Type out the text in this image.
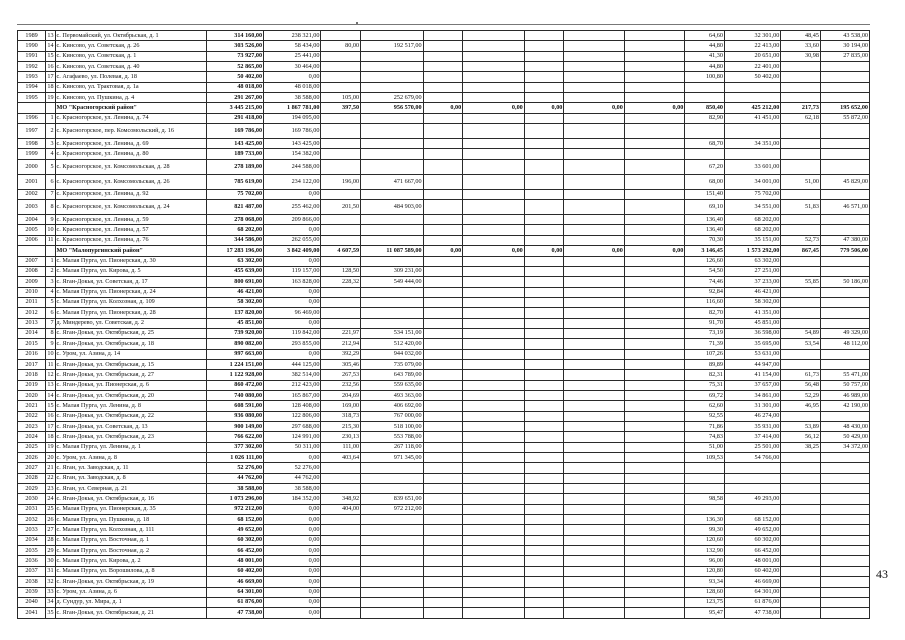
1989	13	с. Первомайский, ул. Октябрьская, д. 1	314 160,00	238 321,00								64,60	32 301,00	48,45	43 538,00
1990	14	с. Кинсово, ул. Советская, д. 26	303 526,00	58 434,00	80,00	192 517,00						44,80	22 413,00	33,60	30 194,00
1991	15	с. Кинсово, ул. Советская, д. 1	73 927,00	25 441,00								41,30	20 651,00	30,98	27 835,00
1992	16	с. Кинсово, ул. Советская, д. 40	52 865,00	30 464,00								44,80	22 401,00		
1993	17	с. Агафаево, ул. Полевая, д. 18	50 402,00	0,00								100,80	50 402,00		
1994	18	с. Кинсово, ул. Трактовая, д. 1а	48 018,00	48 018,00											
1995	19	с. Кинсово, ул. Пушкина, д. 4	291 267,00	38 588,00	105,00	252 679,00									
		МО "Красногорский район"	3 445 215,00	1 867 781,00	397,50	956 570,00	0,00	0,00	0,00	0,00	0,00	850,40	425 212,00	217,73	195 652,00
1996	1	с. Красногорское, ул. Ленина, д. 74	291 418,00	194 095,00								82,90	41 451,00	62,18	55 872,00
1997	2	с. Красногорское, пер. Комсомольский, д. 16	169 786,00	169 786,00											
1998	3	с. Красногорское, ул. Ленина, д. 69	143 425,00	143 425,00								68,70	34 351,00		
1999	4	с. Красногорское, ул. Ленина, д. 80	189 733,00	154 382,00											
2000	5	с. Красногорское, ул. Комсомольская, д. 28	278 189,00	244 588,00								67,20	33 601,00		
2001	6	с. Красногорское, ул. Комсомольская, д. 26	785 619,00	234 122,00	196,00	471 667,00						68,00	34 001,00	51,00	45 829,00
2002	7	с. Красногорское, ул. Ленина, д. 92	75 702,00	0,00								151,40	75 702,00		
2003	8	с. Красногорское, ул. Комсомольская, д. 24	821 487,00	255 462,00	201,50	484 903,00						69,10	34 551,00	51,83	46 571,00
2004	9	с. Красногорское, ул. Ленина, д. 59	278 068,00	209 866,00								136,40	68 202,00		
2005	10	с. Красногорское, ул. Ленина, д. 57	68 202,00	0,00								136,40	68 202,00		
2006	11	с. Красногорское, ул. Ленина, д. 76	344 586,00	262 055,00								70,30	35 151,00	52,73	47 380,00
		МО "Малопургинский район"	17 283 196,00	3 842 409,00	4 607,59	11 087 589,00	0,00	0,00	0,00	0,00	0,00	3 146,45	1 573 292,00	867,45	779 506,00
2007	1	с. Малая Пурга, ул. Пионерская, д. 30	63 302,00	0,00								126,60	63 302,00		
2008	2	с. Малая Пурга, ул. Кирова, д. 5	455 639,00	119 157,00	128,50	309 231,00						54,50	27 251,00		
2009	3	с. Яган-Докья, ул. Советская, д. 17	800 691,00	163 828,00	228,32	549 444,00						74,46	37 233,00	55,85	50 186,00
2010	4	с. Малая Пурга, ул. Пионерская, д. 24	46 421,00	0,00								92,84	46 421,00		
2011	5	с. Малая Пурга, ул. Колхозная, д. 109	58 302,00	0,00								116,60	58 302,00		
2012	6	с. Малая Пурга, ул. Пионерская, д. 28	137 820,00	96 469,00								82,70	41 351,00		
2013	7	д. Миндерево, ул. Советская, д. 2	45 851,00	0,00								91,70	45 851,00		
2014	8	с. Яган-Докья, ул. Октябрьская, д. 25	739 920,00	119 842,00	221,97	534 151,00						73,19	36 598,00	54,89	49 329,00
2015	9	с. Яган-Докья, ул. Октябрьская, д. 18	890 082,00	293 855,00	212,94	512 420,00						71,39	35 695,00	53,54	48 112,00
2016	10	с. Уром, ул. Азина, д. 14	997 663,00	0,00	392,29	944 032,00						107,26	53 631,00		
2017	11	с. Яган-Докья, ул. Октябрьская, д. 15	1 224 151,00	444 125,00	305,46	735 079,00						89,89	44 947,00		
2018	12	с. Яган-Докья, ул. Октябрьская, д. 27	1 122 928,00	382 514,00	267,53	643 789,00						82,31	41 154,00	61,73	55 471,00
2019	13	с. Яган-Докья, ул. Пионерская, д. 6	860 472,00	212 423,00	232,56	559 635,00						75,31	37 657,00	56,48	50 757,00
2020	14	с. Яган-Докья, ул. Октябрьская, д. 20	740 080,00	165 867,00	204,69	493 363,00						69,72	34 861,00	52,29	46 989,00
2021	15	с. Малая Пурга, ул. Ленина, д. 8	608 591,00	128 408,00	169,00	406 692,00						62,60	31 301,00	46,95	42 190,00
2022	16	с. Яган-Докья, ул. Октябрьская, д. 22	936 080,00	122 806,00	318,73	767 000,00						92,55	46 274,00		
2023	17	с. Яган-Докья, ул. Советская, д. 13	900 149,00	297 688,00	215,30	518 100,00						71,86	35 931,00	53,89	48 430,00
2024	18	с. Яган-Докья, ул. Октябрьская, д. 23	766 622,00	124 991,00	230,13	553 788,00						74,83	37 414,00	56,12	50 429,00
2025	19	с. Малая Пурга, ул. Ленина, д. 1	377 302,00	50 311,00	111,00	267 118,00						51,00	25 501,00	38,25	34 372,00
2026	20	с. Уром, ул. Азина, д. 8	1 026 111,00	0,00	403,64	971 345,00						109,53	54 766,00		
2027	21	с. Яган, ул. Заводская, д. 11	52 276,00	52 276,00											
2028	22	с. Яган, ул. Заводская, д. 8	44 762,00	44 762,00											
2029	23	с. Яган, ул. Северная, д. 21	38 588,00	38 588,00											
2030	24	с. Яган-Докья, ул. Октябрьская, д. 16	1 073 296,00	184 352,00	348,92	839 651,00						98,58	49 293,00		
2031	25	с. Малая Пурга, ул. Пионерская, д. 35	972 212,00	0,00	404,00	972 212,00									
2032	26	с. Малая Пурга, ул. Пушкина, д. 18	68 152,00	0,00								136,30	68 152,00		
2033	27	с. Малая Пурга, ул. Колхозная, д. 111	49 652,00	0,00								99,30	49 652,00		
2034	28	с. Малая Пурга, ул. Восточная, д. 1	60 302,00	0,00								120,60	60 302,00		
2035	29	с. Малая Пурга, ул. Восточная, д. 2	66 452,00	0,00								132,90	66 452,00		
2036	30	с. Малая Пурга, ул. Кирова, д. 2	48 001,00	0,00								96,00	48 001,00		
2037	31	с. Малая Пурга, ул. Ворошилова, д. 8	60 402,00	0,00								120,80	60 402,00		
2038	32	с. Яган-Докья, ул. Октябрьская, д. 19	46 669,00	0,00								93,34	46 669,00		
2039	33	с. Уром, ул. Азина, д. 6	64 301,00	0,00								128,60	64 301,00		
2040	34	д. Сундур, ул. Мира, д. 1	61 876,00	0,00								123,75	61 876,00		
2041	35	с. Яган-Докья, ул. Октябрьская, д. 21	47 738,00	0,00								95,47	47 738,00		
43
